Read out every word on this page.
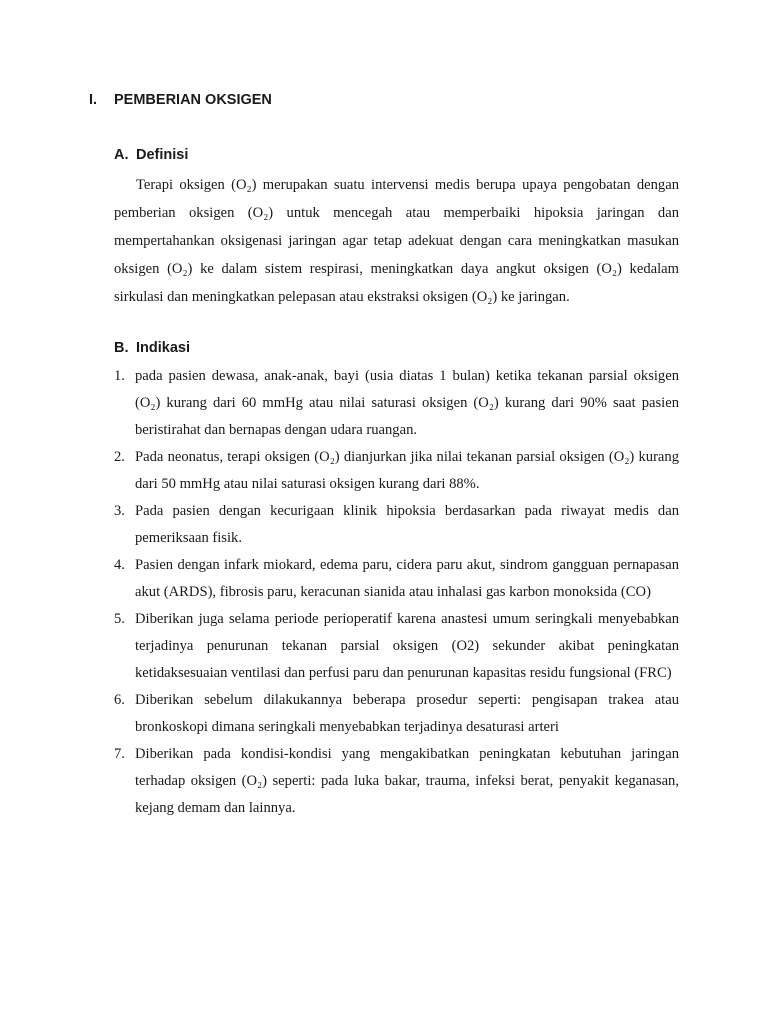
I. PEMBERIAN OKSIGEN
A. Definisi

Terapi oksigen (O₂) merupakan suatu intervensi medis berupa upaya pengobatan dengan pemberian oksigen (O₂) untuk mencegah atau memperbaiki hipoksia jaringan dan mempertahankan oksigenasi jaringan agar tetap adekuat dengan cara meningkatkan masukan oksigen (O₂) ke dalam sistem respirasi, meningkatkan daya angkut oksigen (O₂) kedalam sirkulasi dan meningkatkan pelepasan atau ekstraksi oksigen (O₂) ke jaringan.

B. Indikasi
1. pada pasien dewasa, anak-anak, bayi (usia diatas 1 bulan) ketika tekanan parsial oksigen (O₂) kurang dari 60 mmHg atau nilai saturasi oksigen (O₂) kurang dari 90% saat pasien beristirahat dan bernapas dengan udara ruangan.
2. Pada neonatus, terapi oksigen (O₂) dianjurkan jika nilai tekanan parsial oksigen (O₂) kurang dari 50 mmHg atau nilai saturasi oksigen kurang dari 88%.
3. Pada pasien dengan kecurigaan klinik hipoksia berdasarkan pada riwayat medis dan pemeriksaan fisik.
4. Pasien dengan infark miokard, edema paru, cidera paru akut, sindrom gangguan pernapasan akut (ARDS), fibrosis paru, keracunan sianida atau inhalasi gas karbon monoksida (CO)
5. Diberikan juga selama periode perioperatif karena anastesi umum seringkali menyebabkan terjadinya penurunan tekanan parsial oksigen (O2) sekunder akibat peningkatan ketidaksesuaian ventilasi dan perfusi paru dan penurunan kapasitas residu fungsional (FRC)
6. Diberikan sebelum dilakukannya beberapa prosedur seperti: pengisapan trakea atau bronkoskopi dimana seringkali menyebabkan terjadinya desaturasi arteri
7. Diberikan pada kondisi-kondisi yang mengakibatkan peningkatan kebutuhan jaringan terhadap oksigen (O₂) seperti: pada luka bakar, trauma, infeksi berat, penyakit keganasan, kejang demam dan lainnya.
